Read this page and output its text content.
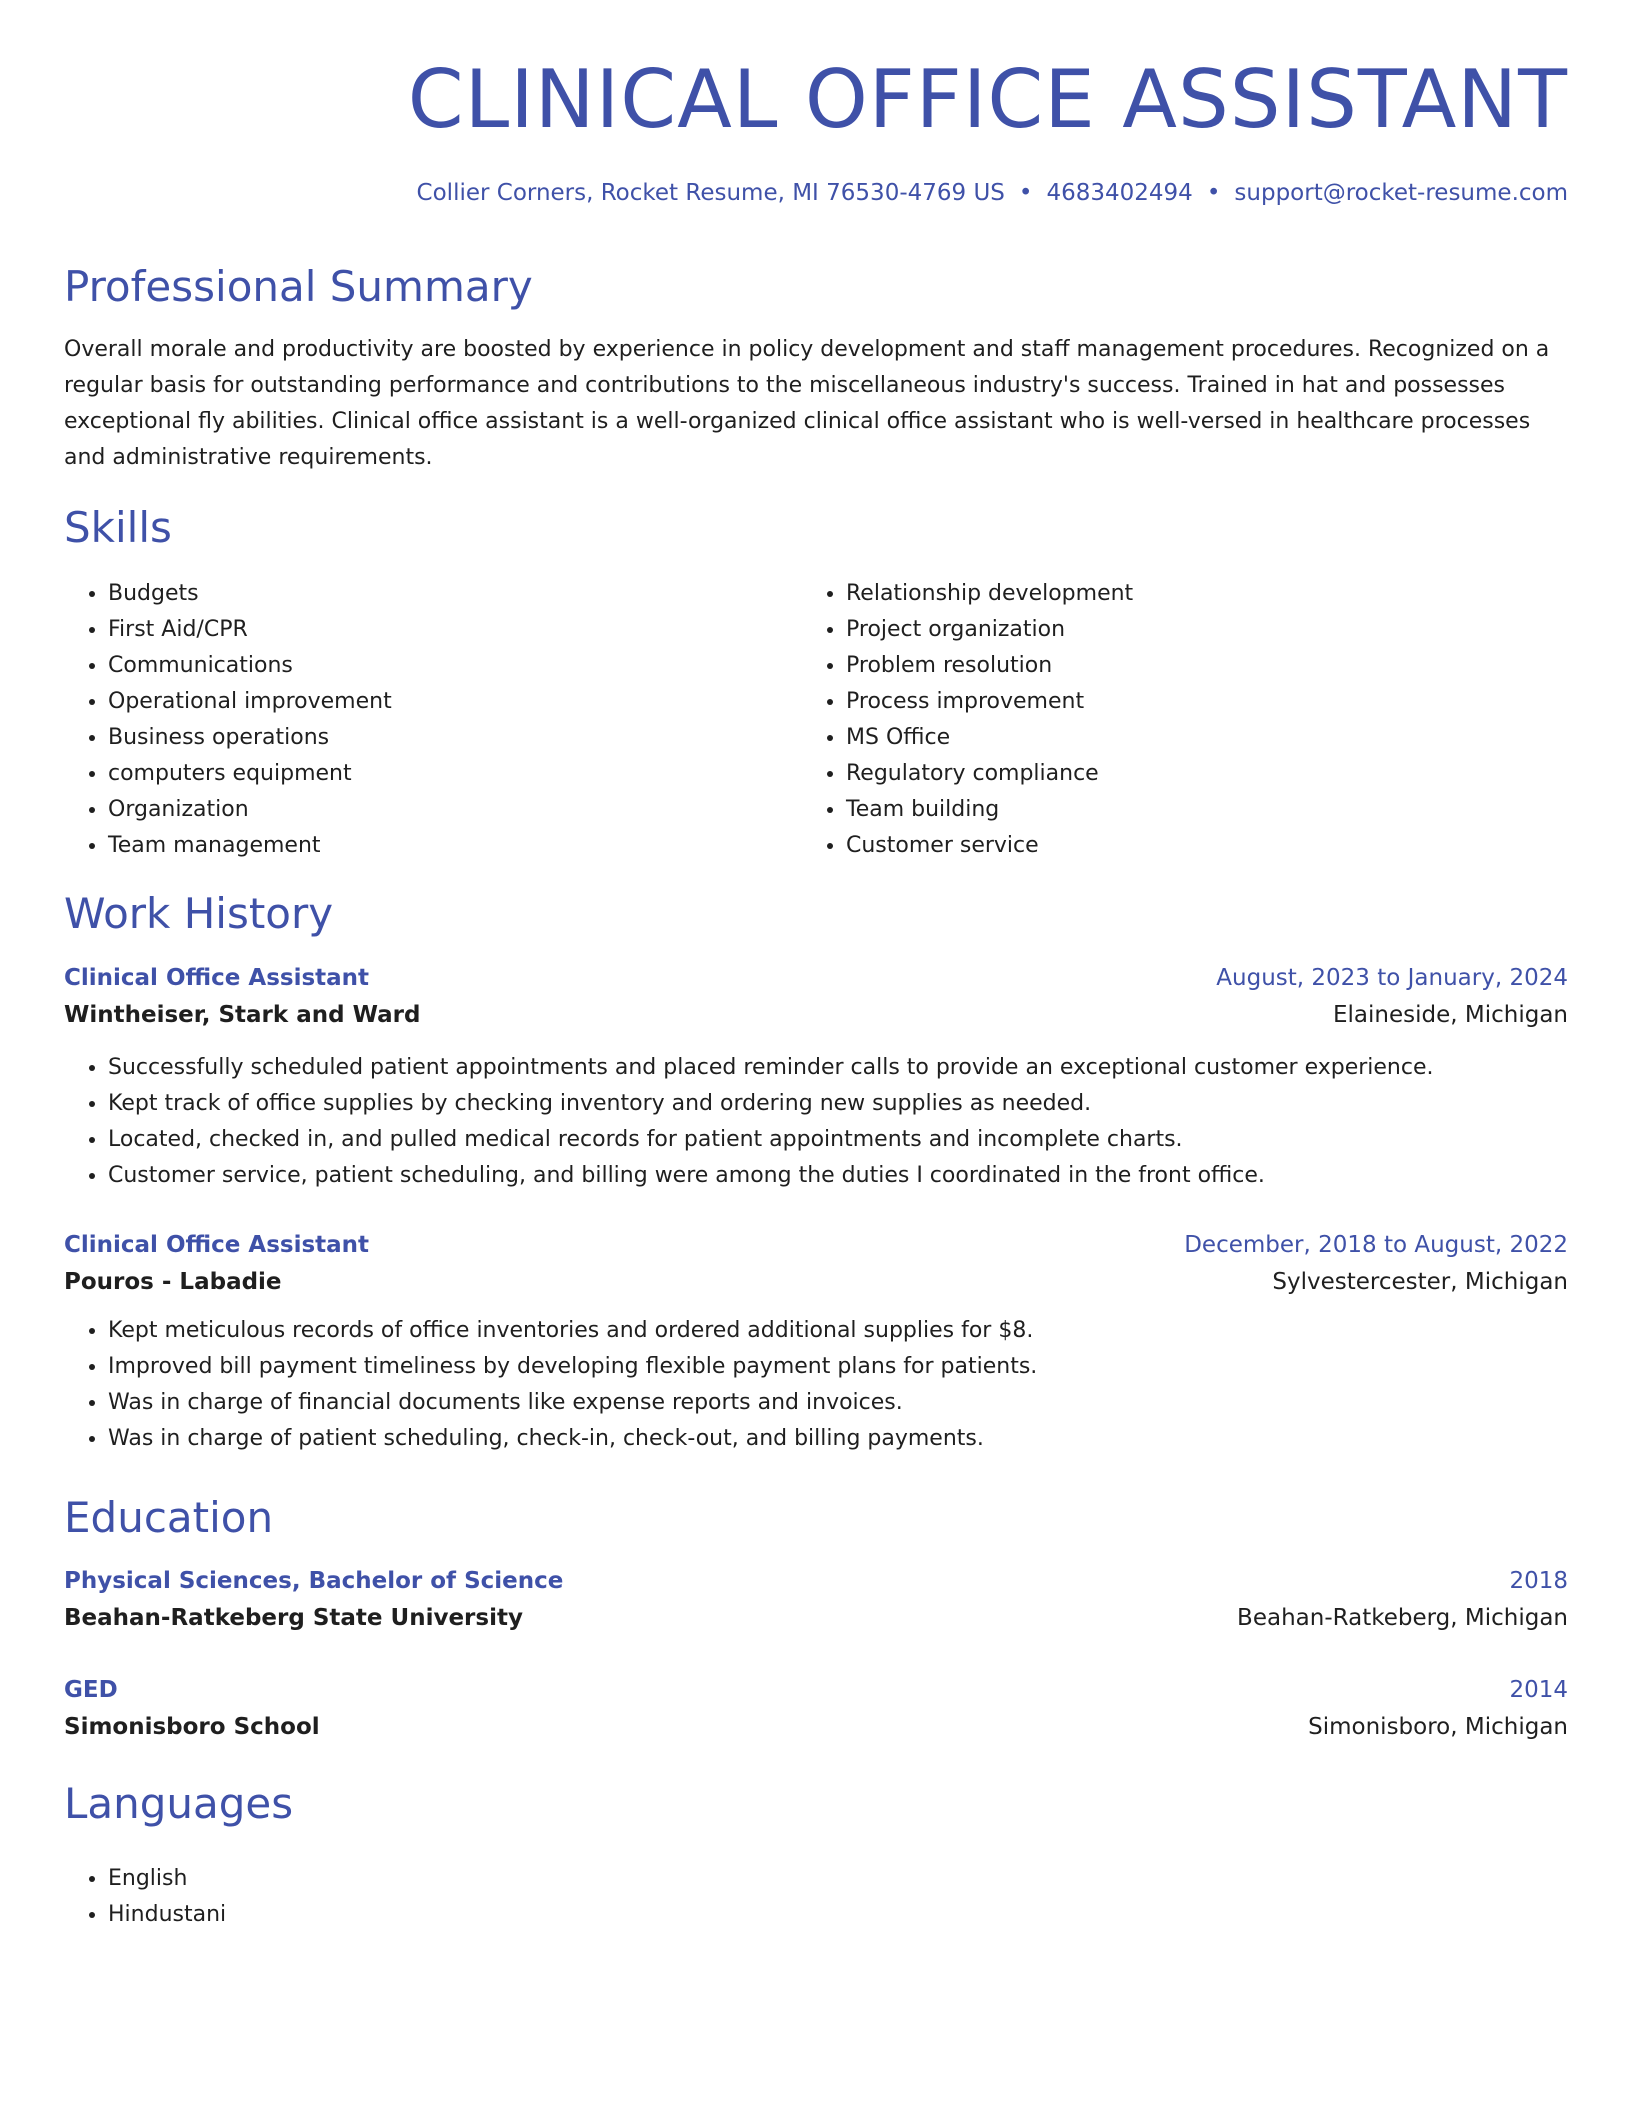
CLINICAL OFFICE ASSISTANT
Collier Corners, Rocket Resume, MI 76530-4769 US • 4683402494 • support@rocket-resume.com
Professional Summary

Overall morale and productivity are boosted by experience in policy development and staff management procedures. Recognized on a regular basis for outstanding performance and contributions to the miscellaneous industry's success. Trained in hat and possesses exceptional fly abilities. Clinical office assistant is a well-organized clinical office assistant who is well-versed in healthcare processes and administrative requirements.

Skills
• Budgets
• First Aid/CPR
• Communications
• Operational improvement
• Business operations
• computers equipment
• Organization
• Team management
• Relationship development
• Project organization
• Problem resolution
• Process improvement
• MS Office
• Regulatory compliance
• Team building
• Customer service
Work History
Clinical Office Assistant	August, 2023 to January, 2024
Wintheiser, Stark and Ward	Elaineside, Michigan
• Successfully scheduled patient appointments and placed reminder calls to provide an exceptional customer experience.
• Kept track of office supplies by checking inventory and ordering new supplies as needed.
• Located, checked in, and pulled medical records for patient appointments and incomplete charts.
• Customer service, patient scheduling, and billing were among the duties I coordinated in the front office.
Clinical Office Assistant	December, 2018 to August, 2022
Pouros - Labadie	Sylvestercester, Michigan
• Kept meticulous records of office inventories and ordered additional supplies for $8.
• Improved bill payment timeliness by developing flexible payment plans for patients.
• Was in charge of financial documents like expense reports and invoices.
• Was in charge of patient scheduling, check-in, check-out, and billing payments.
Education
Physical Sciences, Bachelor of Science	2018
Beahan-Ratkeberg State University	Beahan-Ratkeberg, Michigan
GED	2014
Simonisboro School	Simonisboro, Michigan
Languages
• English
• Hindustani
